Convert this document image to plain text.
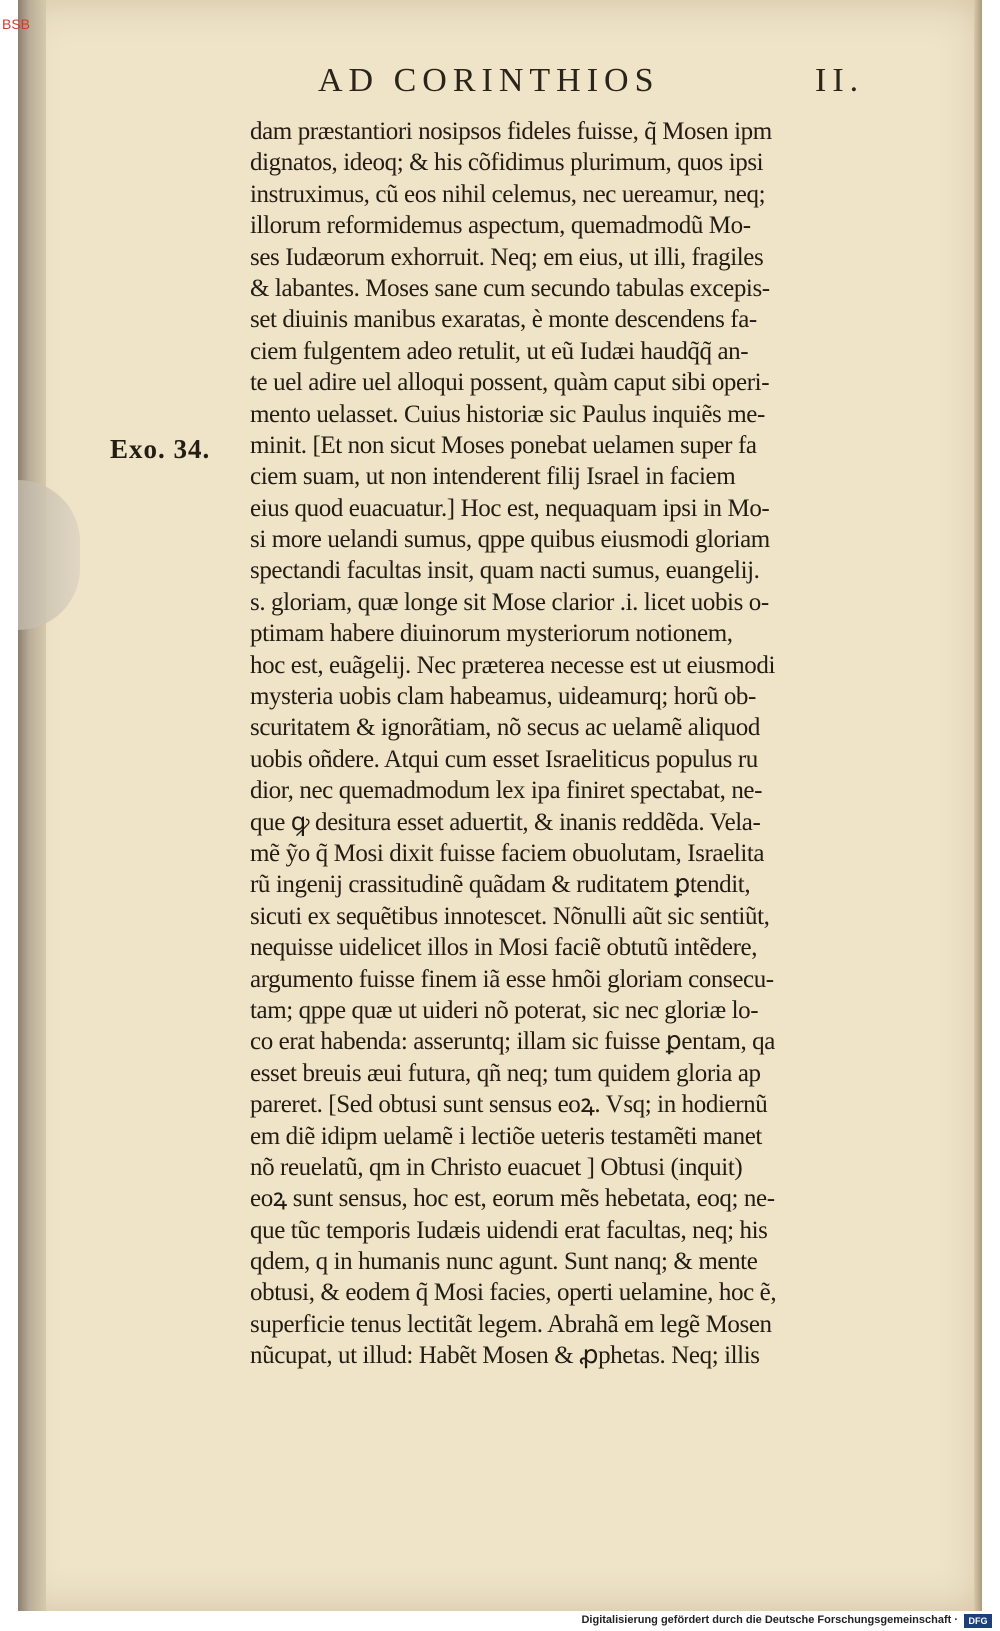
AD CORINTHIOS	II.
Exo. 34.
dam præstantiori nosipsos fideles fuisse, q̃ Mosen ipm
dignatos, ideoq; & his cõfidimus plurimum, quos ipsi
instruximus, cũ eos nihil celemus, nec uereamur, neq;
illorum reformidemus aspectum, quemadmodũ Mo-
ses Iudæorum exhorruit. Neq; em eius, ut illi, fragiles
& labantes. Moses sane cum secundo tabulas excepis-
set diuinis manibus exaratas, è monte descendens fa-
ciem fulgentem adeo retulit, ut eũ Iudæi haudq̃q̃ an-
te uel adire uel alloqui possent, quàm caput sibi operi-
mento uelasset. Cuius historiæ sic Paulus inquiẽs me-
minit. [Et non sicut Moses ponebat uelamen super fa
ciem suam, ut non intenderent filij Israel in faciem
eius quod euacuatur.] Hoc est, nequaquam ipsi in Mo-
si more uelandi sumus, qppe quibus eiusmodi gloriam
spectandi facultas insit, quam nacti sumus, euangelij.
s. gloriam, quæ longe sit Mose clarior .i. licet uobis o-
ptimam habere diuinorum mysteriorum notionem,
hoc est, euãgelij. Nec præterea necesse est ut eiusmodi
mysteria uobis clam habeamus, uideamurq; horũ ob-
scuritatem & ignorãtiam, nõ secus ac uelamẽ aliquod
uobis oñdere. Atqui cum esset Israeliticus populus ru
dior, nec quemadmodum lex ipa finiret spectabat, ne-
que ꝙ desitura esset aduertit, & inanis reddẽda. Vela-
mẽ ỹo q̃ Mosi dixit fuisse faciem obuolutam, Israelita
rũ ingenij crassitudinẽ quãdam & ruditatem ꝑtendit,
sicuti ex sequẽtibus innotescet. Nõnulli aũt sic sentiũt,
nequisse uidelicet illos in Mosi faciẽ obtutũ intẽdere,
argumento fuisse finem iã esse hmõi gloriam consecu-
tam; qppe quæ ut uideri nõ poterat, sic nec gloriæ lo-
co erat habenda: asseruntq; illam sic fuisse ꝑentam, qa
esset breuis æui futura, qñ neq; tum quidem gloria ap
pareret. [Sed obtusi sunt sensus eoꝝ. Vsq; in hodiernũ
em diẽ idipm uelamẽ i lectiõe ueteris testamẽti manet
nõ reuelatũ, qm in Christo euacuet ] Obtusi (inquit)
eoꝝ sunt sensus, hoc est, eorum mẽs hebetata, eoq; ne-
que tũc temporis Iudæis uidendi erat facultas, neq; his
qdem, q in humanis nunc agunt. Sunt nanq; & mente
obtusi, & eodem q̃ Mosi facies, operti uelamine, hoc ẽ,
superficie tenus lectitãt legem. Abrahã em legẽ Mosen
nũcupat, ut illud: Habẽt Mosen & ꝓphetas. Neq; illis
BSB
Digitalisierung gefördert durch die Deutsche Forschungsgemeinschaft ·	DFG
